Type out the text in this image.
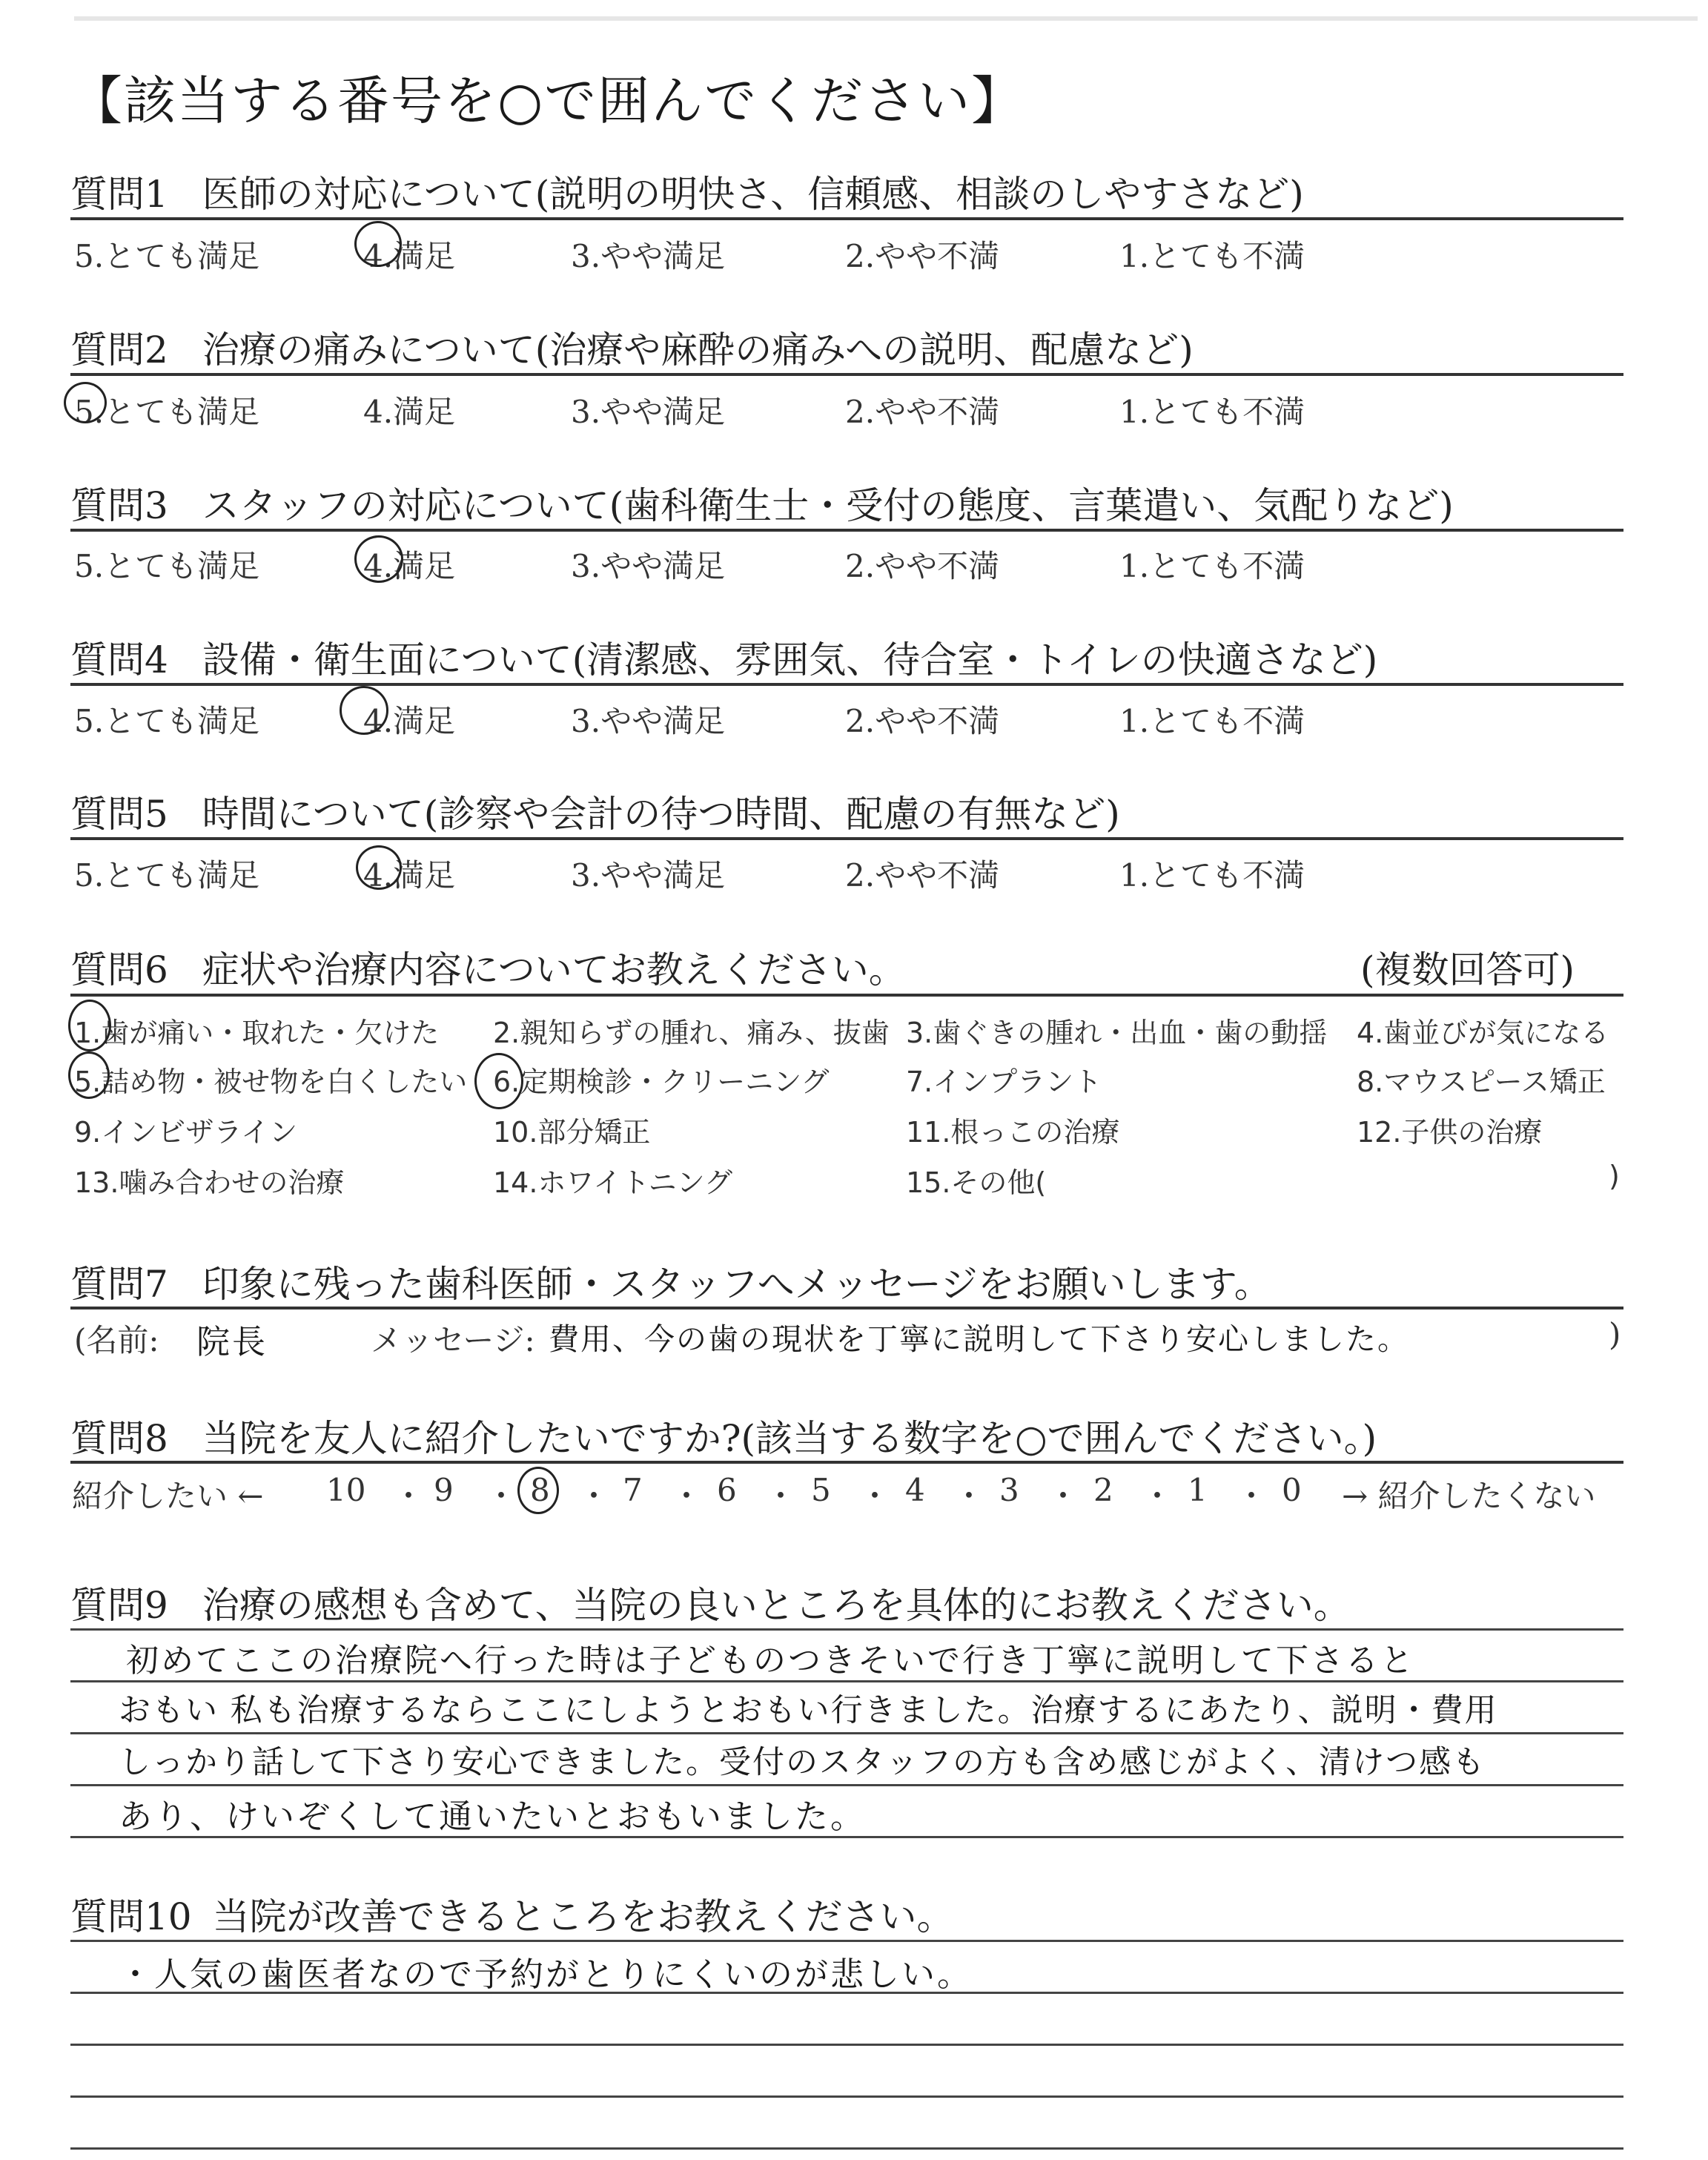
【該当する番号を○で囲んでください】
質問1 医師の対応について(説明の明快さ、信頼感、相談のしやすさなど)
5.とても満足	4.満足	3.やや満足	2.やや不満	1.とても不満
質問2 治療の痛みについて(治療や麻酔の痛みへの説明、配慮など)
5.とても満足	4.満足	3.やや満足	2.やや不満	1.とても不満
質問3 スタッフの対応について(歯科衛生士・受付の態度、言葉遣い、気配りなど)
5.とても満足	4.満足	3.やや満足	2.やや不満	1.とても不満
質問4 設備・衛生面について(清潔感、雰囲気、待合室・トイレの快適さなど)
5.とても満足	4.満足	3.やや満足	2.やや不満	1.とても不満
質問5 時間について(診察や会計の待つ時間、配慮の有無など)
5.とても満足	4.満足	3.やや満足	2.やや不満	1.とても不満
質問6 症状や治療内容についてお教えください。	(複数回答可)
1.歯が痛い・取れた・欠けた 2.親知らずの腫れ、痛み、抜歯 3.歯ぐきの腫れ・出血・歯の動揺 4.歯並びが気になる
5.詰め物・被せ物を白くしたい 6.定期検診・クリーニング	7.インプラント	8.マウスピース矯正
9.インビザライン	10.部分矯正	11.根っこの治療	12.子供の治療
13.噛み合わせの治療	14.ホワイトニング	15.その他(	)
質問7 印象に残った歯科医師・スタッフへメッセージをお願いします。
(名前: 院長	メッセージ: 費用、今の歯の現状を丁寧に説明して下さり安心しました。	)
質問8 当院を友人に紹介したいですか?(該当する数字を○で囲んでください。)
紹介したい ← 10 9 8 7 6 5 4 3 2 1 0
・ ・ ・ ・ ・ ・ ・ ・ ・ ・ → 紹介したくない
質問9 治療の感想も含めて、当院の良いところを具体的にお教えください。
初めてここの治療院へ行った時は子どものつきそいで行き丁寧に説明して下さると
おもい 私も治療するならここにしようとおもい行きました。治療するにあたり、説明・費用
しっかり話して下さり安心できました。受付のスタッフの方も含め感じがよく、清けつ感も
あり、けいぞくして通いたいとおもいました。
質問10 当院が改善できるところをお教えください。
・人気の歯医者なので予約がとりにくいのが悲しい。
